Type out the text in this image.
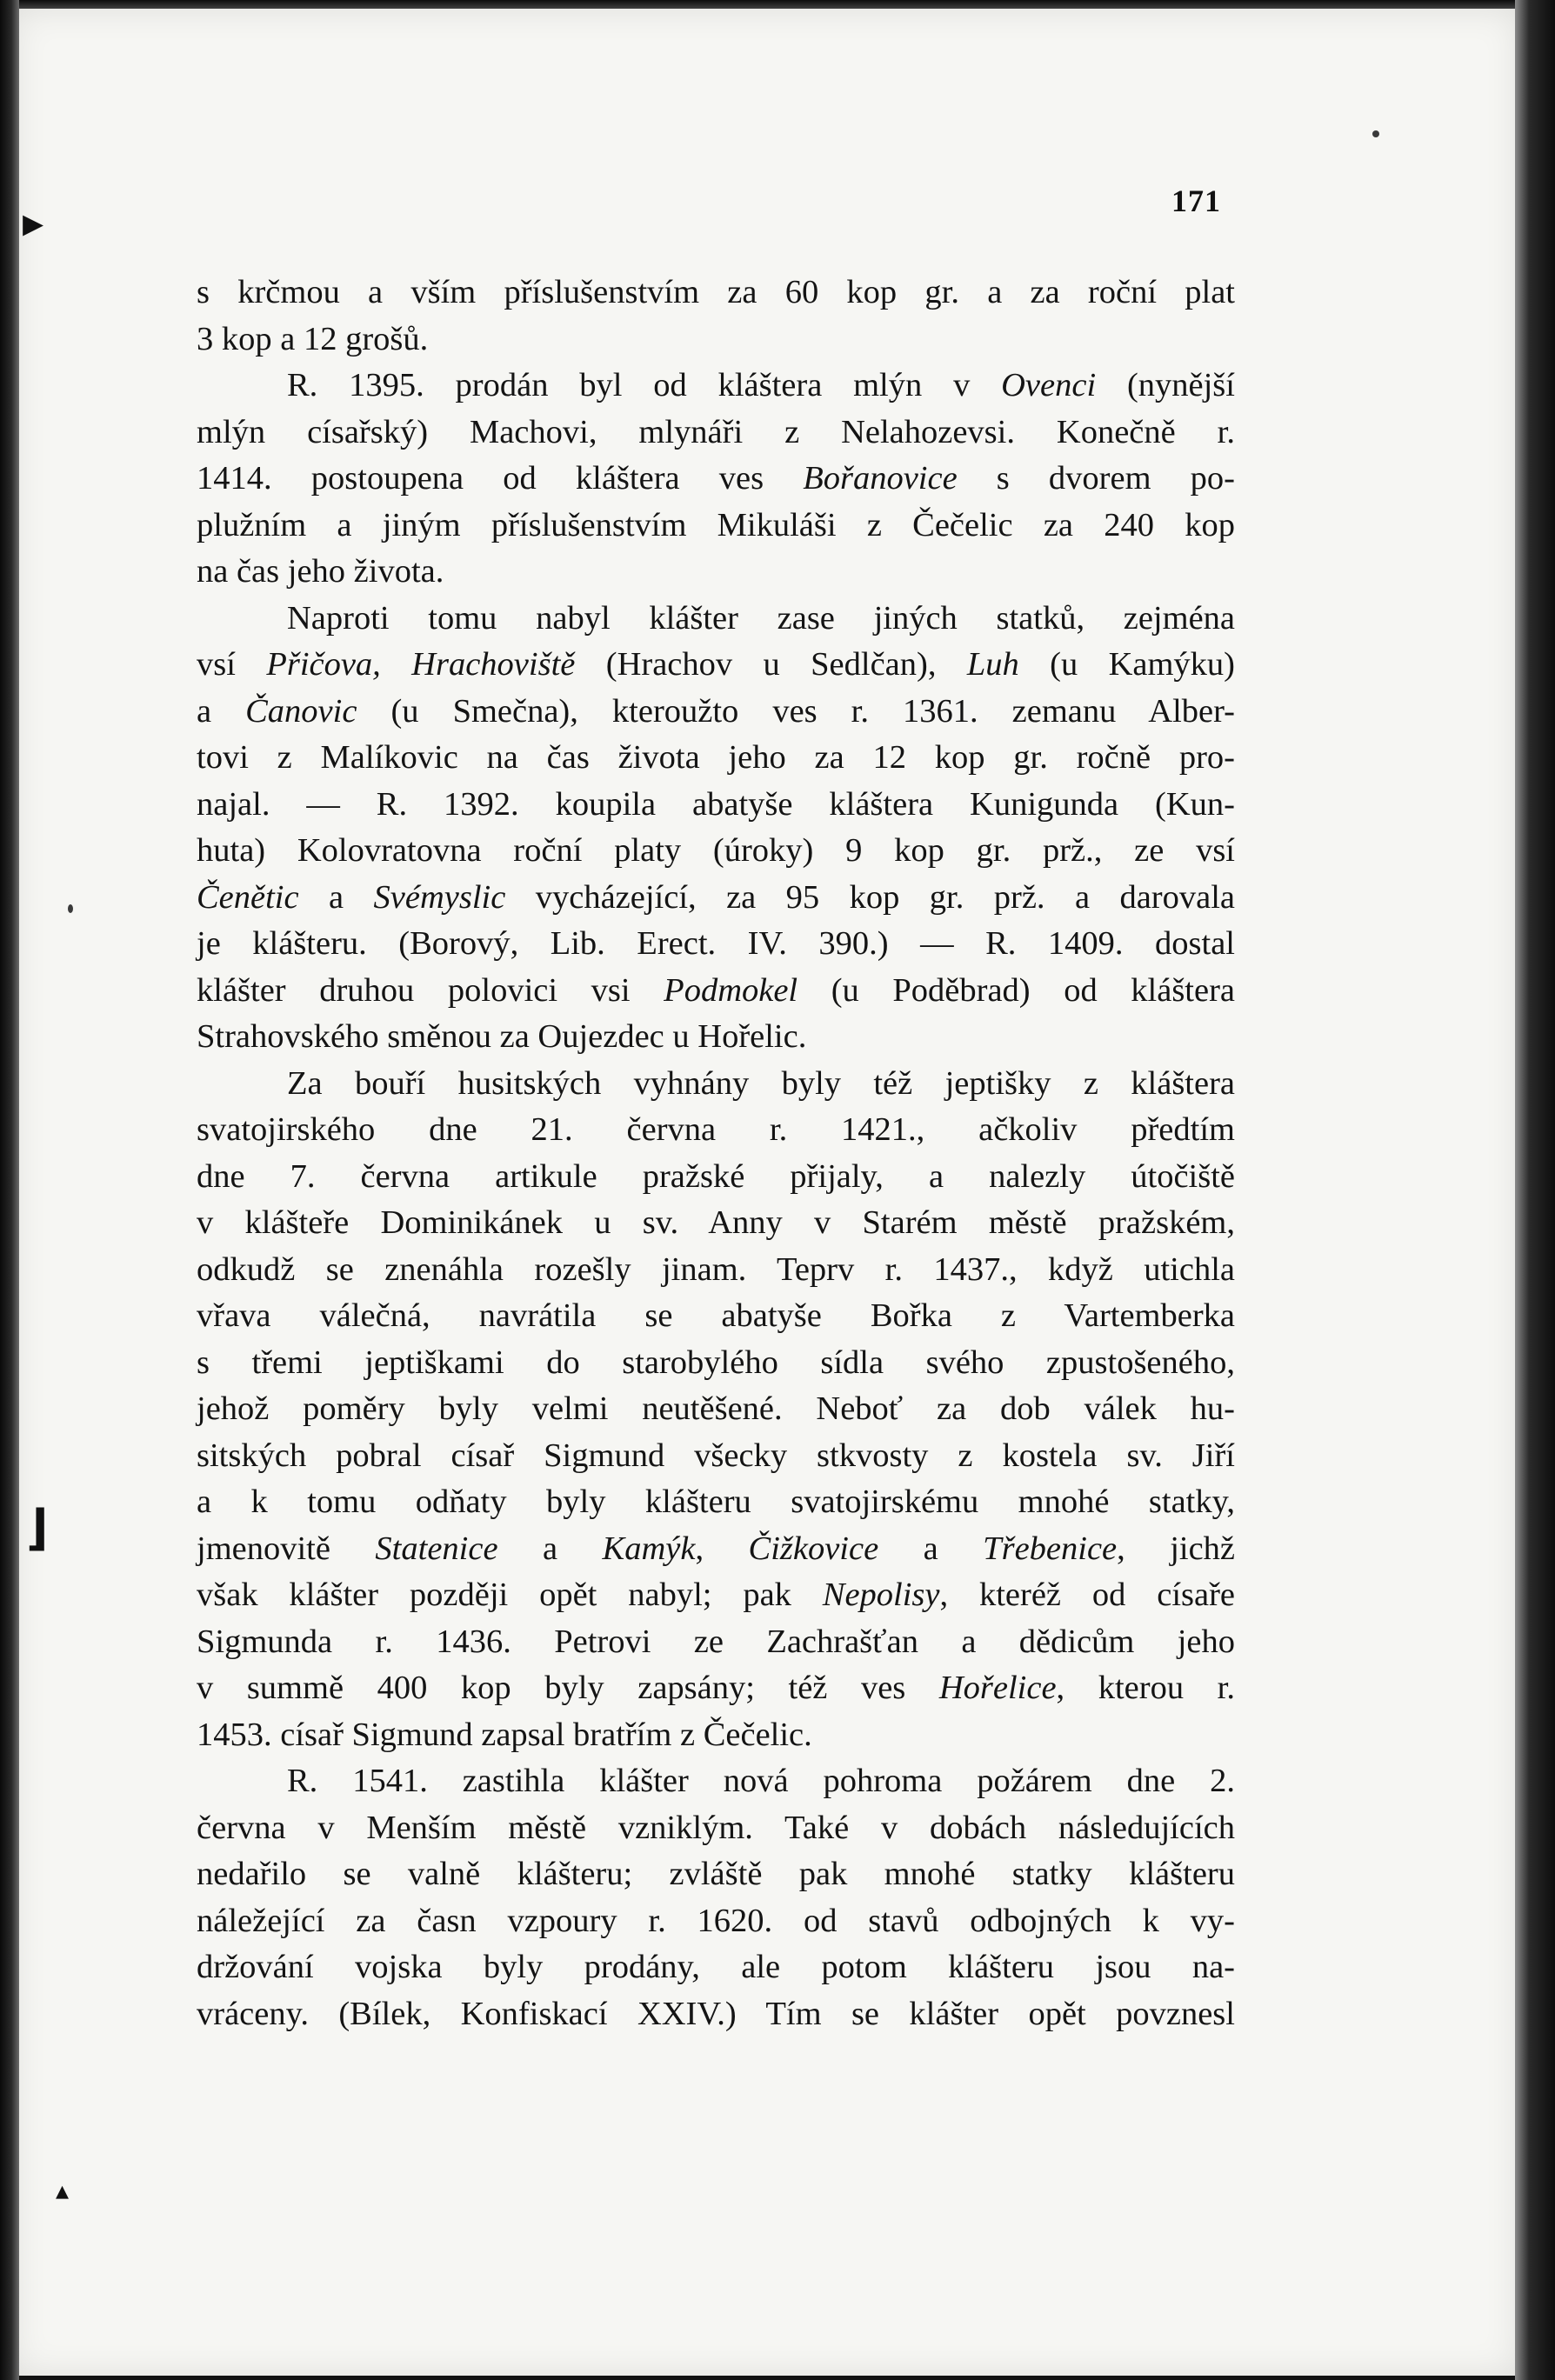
▸
⌋
▴
171
s krčmou a vším příslušenstvím za 60 kop gr. a za roční plat
3 kop a 12 grošů.
R. 1395. prodán byl od kláštera mlýn v Ovenci (nynější
mlýn císařský) Machovi, mlynáři z Nelahozevsi. Konečně r.
1414. postoupena od kláštera ves Bořanovice s dvorem po-
plužním a jiným příslušenstvím Mikuláši z Čečelic za 240 kop
na čas jeho života.
Naproti tomu nabyl klášter zase jiných statků, zejména
vsí Přičova, Hrachoviště (Hrachov u Sedlčan), Luh (u Kamýku)
a Čanovic (u Smečna), kteroužto ves r. 1361. zemanu Alber-
tovi z Malíkovic na čas života jeho za 12 kop gr. ročně pro-
najal. — R. 1392. koupila abatyše kláštera Kunigunda (Kun-
huta) Kolovratovna roční platy (úroky) 9 kop gr. prž., ze vsí
Čenětic a Svémyslic vycházející, za 95 kop gr. prž. a darovala
je klášteru. (Borový, Lib. Erect. IV. 390.) — R. 1409. dostal
klášter druhou polovici vsi Podmokel (u Poděbrad) od kláštera
Strahovského směnou za Oujezdec u Hořelic.
Za bouří husitských vyhnány byly též jeptišky z kláštera
svatojirského dne 21. června r. 1421., ačkoliv předtím
dne 7. června artikule pražské přijaly, a nalezly útočiště
v klášteře Dominikánek u sv. Anny v Starém městě pražském,
odkudž se znenáhla rozešly jinam. Teprv r. 1437., když utichla
vřava válečná, navrátila se abatyše Bořka z Vartemberka
s třemi jeptiškami do starobylého sídla svého zpustošeného,
jehož poměry byly velmi neutěšené. Neboť za dob válek hu-
sitských pobral císař Sigmund všecky stkvosty z kostela sv. Jiří
a k tomu odňaty byly klášteru svatojirskému mnohé statky,
jmenovitě Statenice a Kamýk, Čižkovice a Třebenice, jichž
však klášter později opět nabyl; pak Nepolisy, kteréž od císaře
Sigmunda r. 1436. Petrovi ze Zachrašťan a dědicům jeho
v summě 400 kop byly zapsány; též ves Hořelice, kterou r.
1453. císař Sigmund zapsal bratřím z Čečelic.
R. 1541. zastihla klášter nová pohroma požárem dne 2.
června v Menším městě vzniklým. Také v dobách následujících
nedařilo se valně klášteru; zvláště pak mnohé statky klášteru
náležející za časn vzpoury r. 1620. od stavů odbojných k vy-
držování vojska byly prodány, ale potom klášteru jsou na-
vráceny. (Bílek, Konfiskací XXIV.) Tím se klášter opět povznesl
